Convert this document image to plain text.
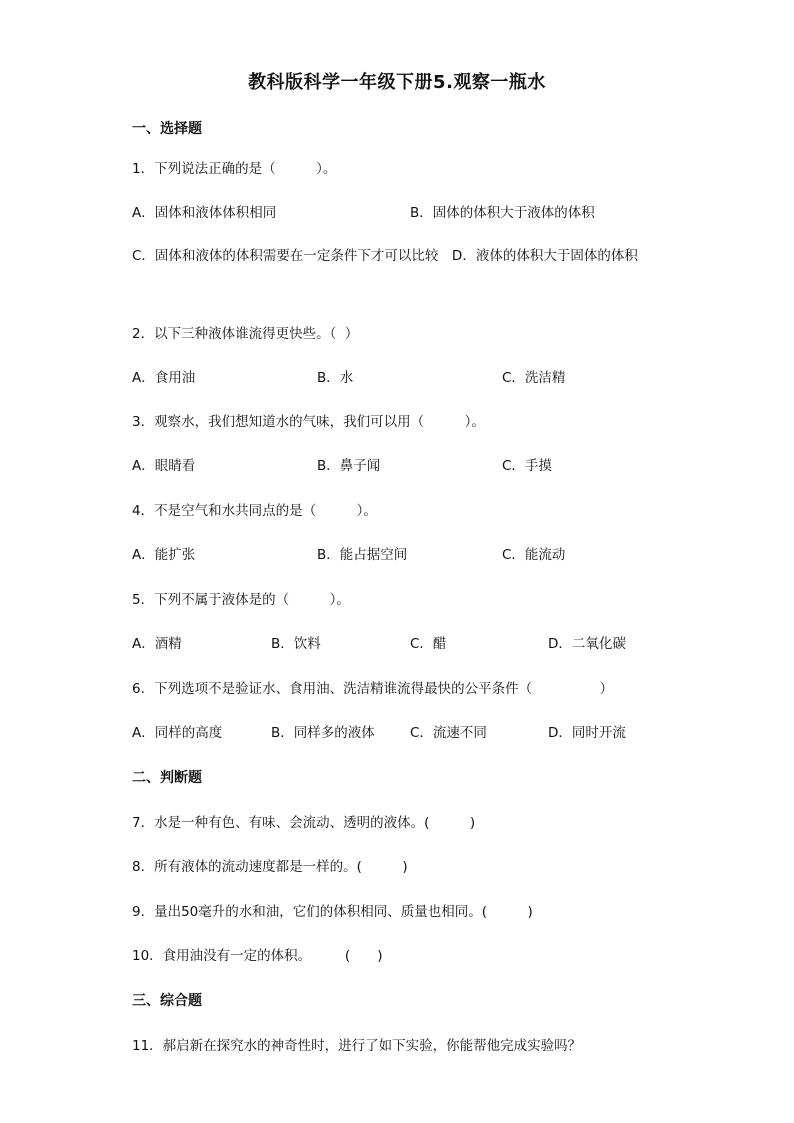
教科版科学一年级下册5.观察一瓶水
一、选择题
1．下列说法正确的是（　　　）。
A．固体和液体体积相同	B．固体的体积大于液体的体积
C．固体和液体的体积需要在一定条件下才可以比较　D．液体的体积大于固体的体积
2．以下三种液体谁流得更快些。（  ）
A．食用油	B．水	C．洗洁精
3．观察水，我们想知道水的气味，我们可以用（　　　）。
A．眼睛看	B．鼻子闻	C．手摸
4．不是空气和水共同点的是（　　　）。
A．能扩张	B．能占据空间	C．能流动
5．下列不属于液体是的（　　　）。
A．酒精	B．饮料	C．醋	D．二氧化碳
6．下列选项不是验证水、食用油、洗洁精谁流得最快的公平条件（　　　　　）
A．同样的高度	B．同样多的液体	C．流速不同	D．同时开流
二、判断题
7．水是一种有色、有味、会流动、透明的液体。(　　　)
8．所有液体的流动速度都是一样的。(　　　)
9．量出50毫升的水和油，它们的体积相同、质量也相同。(　　　)
10．食用油没有一定的体积。　　　(　　)
三、综合题
11．郝启新在探究水的神奇性时，进行了如下实验，你能帮他完成实验吗？
